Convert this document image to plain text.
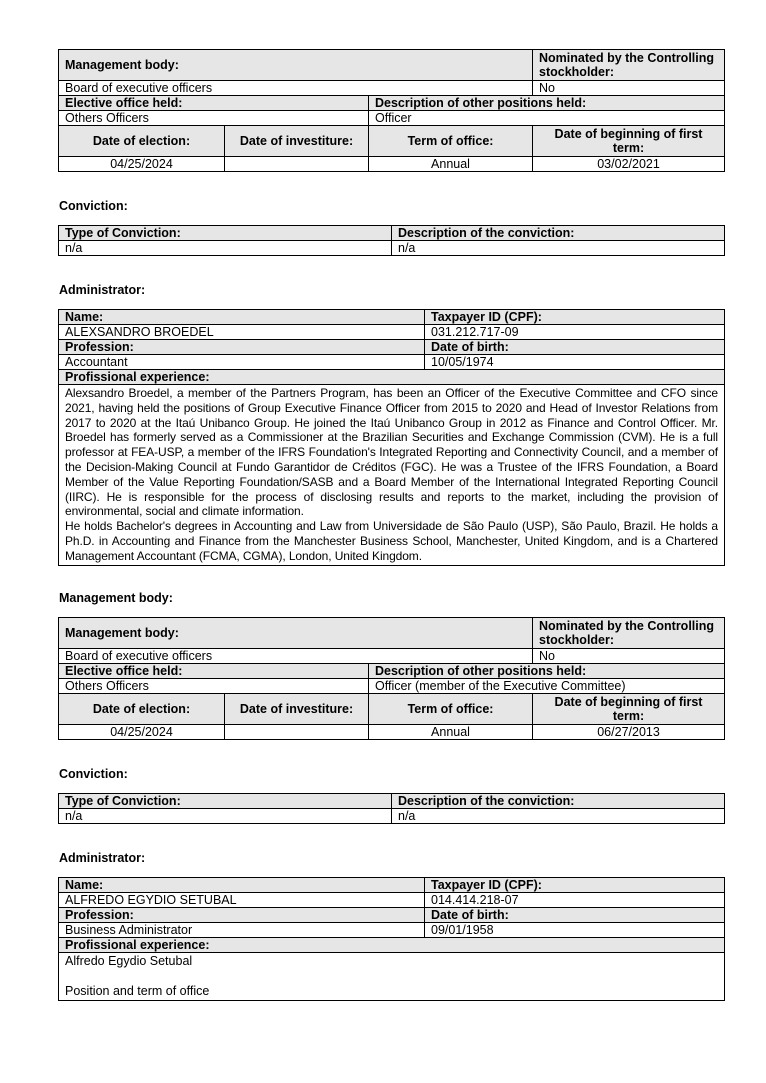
Management body:			Nominated by the Controlling stockholder:
Board of executive officers			No
Elective office held:		Description of other positions held:	
Others Officers		Officer	
Date of election:	Date of investiture:	Term of office:	Date of beginning of first term:
04/25/2024		Annual	03/02/2021
Conviction:
Type of Conviction:	Description of the conviction:
n/a	n/a
Administrator:
Name:	Taxpayer ID (CPF):
ALEXSANDRO BROEDEL	031.212.717-09
Profession:	Date of birth:
Accountant	10/05/1974
Profissional experience:	
Alexsandro Broedel, a member of the Partners Program, has been an Officer of the Executive Committee and CFO since 2021, having held the positions of Group Executive Finance Officer from 2015 to 2020 and Head of Investor Relations from 2017 to 2020 at the Itaú Unibanco Group. He joined the Itaú Unibanco Group in 2012 as Finance and Control Officer. Mr. Broedel has formerly served as a Commissioner at the Brazilian Securities and Exchange Commission (CVM). He is a full professor at FEA-USP, a member of the IFRS Foundation's Integrated Reporting and Connectivity Council, and a member of the Decision-Making Council at Fundo Garantidor de Créditos (FGC). He was a Trustee of the IFRS Foundation, a Board Member of the Value Reporting Foundation/SASB and a Board Member of the International Integrated Reporting Council (IIRC). He is responsible for the process of disclosing results and reports to the market, including the provision of environmental, social and climate information.
He holds Bachelor's degrees in Accounting and Law from Universidade de São Paulo (USP), São Paulo, Brazil. He holds a Ph.D. in Accounting and Finance from the Manchester Business School, Manchester, United Kingdom, and is a Chartered Management Accountant (FCMA, CGMA), London, United Kingdom.	
Management body:
Management body:			Nominated by the Controlling stockholder:
Board of executive officers			No
Elective office held:		Description of other positions held:	
Others Officers		Officer (member of the Executive Committee)	
Date of election:	Date of investiture:	Term of office:	Date of beginning of first term:
04/25/2024		Annual	06/27/2013
Conviction:
Type of Conviction:	Description of the conviction:
n/a	n/a
Administrator:
Name:	Taxpayer ID (CPF):
ALFREDO EGYDIO SETUBAL	014.414.218-07
Profession:	Date of birth:
Business Administrator	09/01/1958
Profissional experience:	
Alfredo Egydio Setubal

Position and term of office	
